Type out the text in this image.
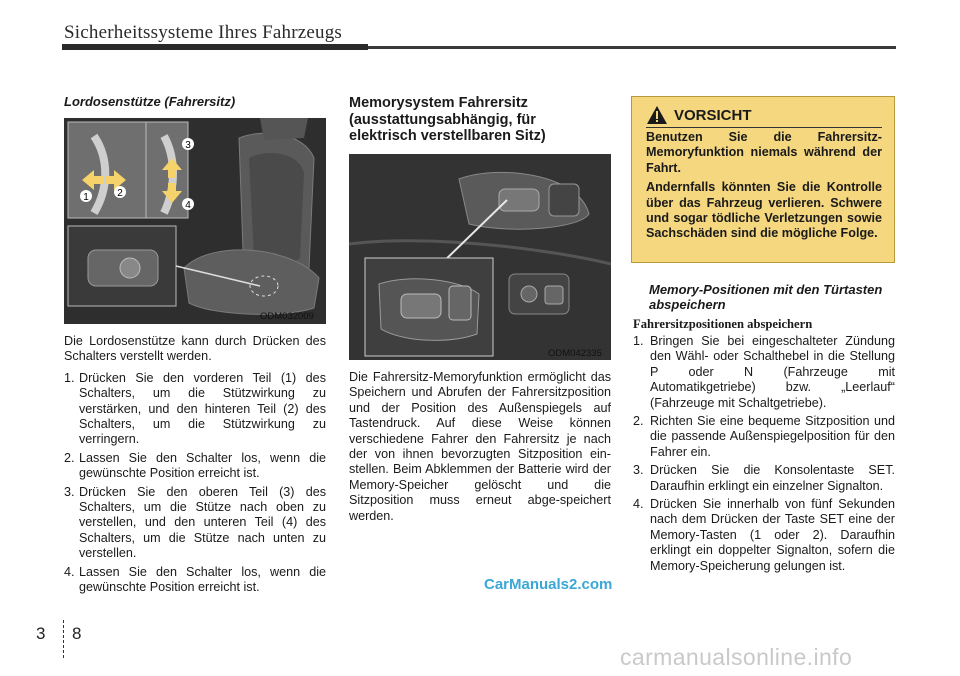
Sicherheitssysteme Ihres Fahrzeugs
Lordosenstütze (Fahrersitz)
1	2
3
4
ODM032009

Die Lordosenstütze kann durch Drücken des Schalters verstellt werden.

1. Drücken Sie den vorderen Teil (1) des Schalters, um die Stützwirkung zu verstärken, und den hinteren Teil (2) des Schalters, um die Stützwirkung zu verringern.
2. Lassen Sie den Schalter los, wenn die gewünschte Position erreicht ist.
3. Drücken Sie den oberen Teil (3) des Schalters, um die Stütze nach oben zu verstellen, und den unteren Teil (4) des Schalters, um die Stütze nach unten zu verstellen.
4. Lassen Sie den Schalter los, wenn die gewünschte Position erreicht ist.
Memorysystem Fahrersitz
(ausstattungsabhängig, für
elektrisch verstellbaren Sitz)
ODM042335

Die Fahrersitz-Memoryfunktion ermöglicht das Speichern und Abrufen der Fahrersitzposition und der Position des Außenspiegels auf Tastendruck. Auf diese Weise können verschiedene Fahrer den Fahrersitz je nach der von ihnen bevorzugten Sitzposition ein-stellen. Beim Abklemmen der Batterie wird der Memory-Speicher gelöscht und die Sitzposition muss erneut abge-speichert werden.

VORSICHT

Benutzen Sie die Fahrersitz-Memoryfunktion niemals während der Fahrt.

Andernfalls könnten Sie die Kontrolle über das Fahrzeug verlieren. Schwere und sogar tödliche Verletzungen sowie Sachschäden sind die mögliche Folge.

Memory-Positionen mit den Türtasten abspeichern
Fahrersitzpositionen abspeichern
1. Bringen Sie bei eingeschalteter Zündung den Wähl- oder Schalthebel in die Stellung P oder N (Fahrzeuge mit Automatikgetriebe) bzw. „Leerlauf“ (Fahrzeuge mit Schaltgetriebe).
2. Richten Sie eine bequeme Sitzposition und die passende Außenspiegelposition für den Fahrer ein.
3. Drücken Sie die Konsolentaste SET. Daraufhin erklingt ein einzelner Signalton.
4. Drücken Sie innerhalb von fünf Sekunden nach dem Drücken der Taste SET eine der Memory-Tasten (1 oder 2). Daraufhin erklingt ein doppelter Signalton, sofern die Memory-Speicherung gelungen ist.
CarManuals2.com
3 8
carmanualsonline.info
